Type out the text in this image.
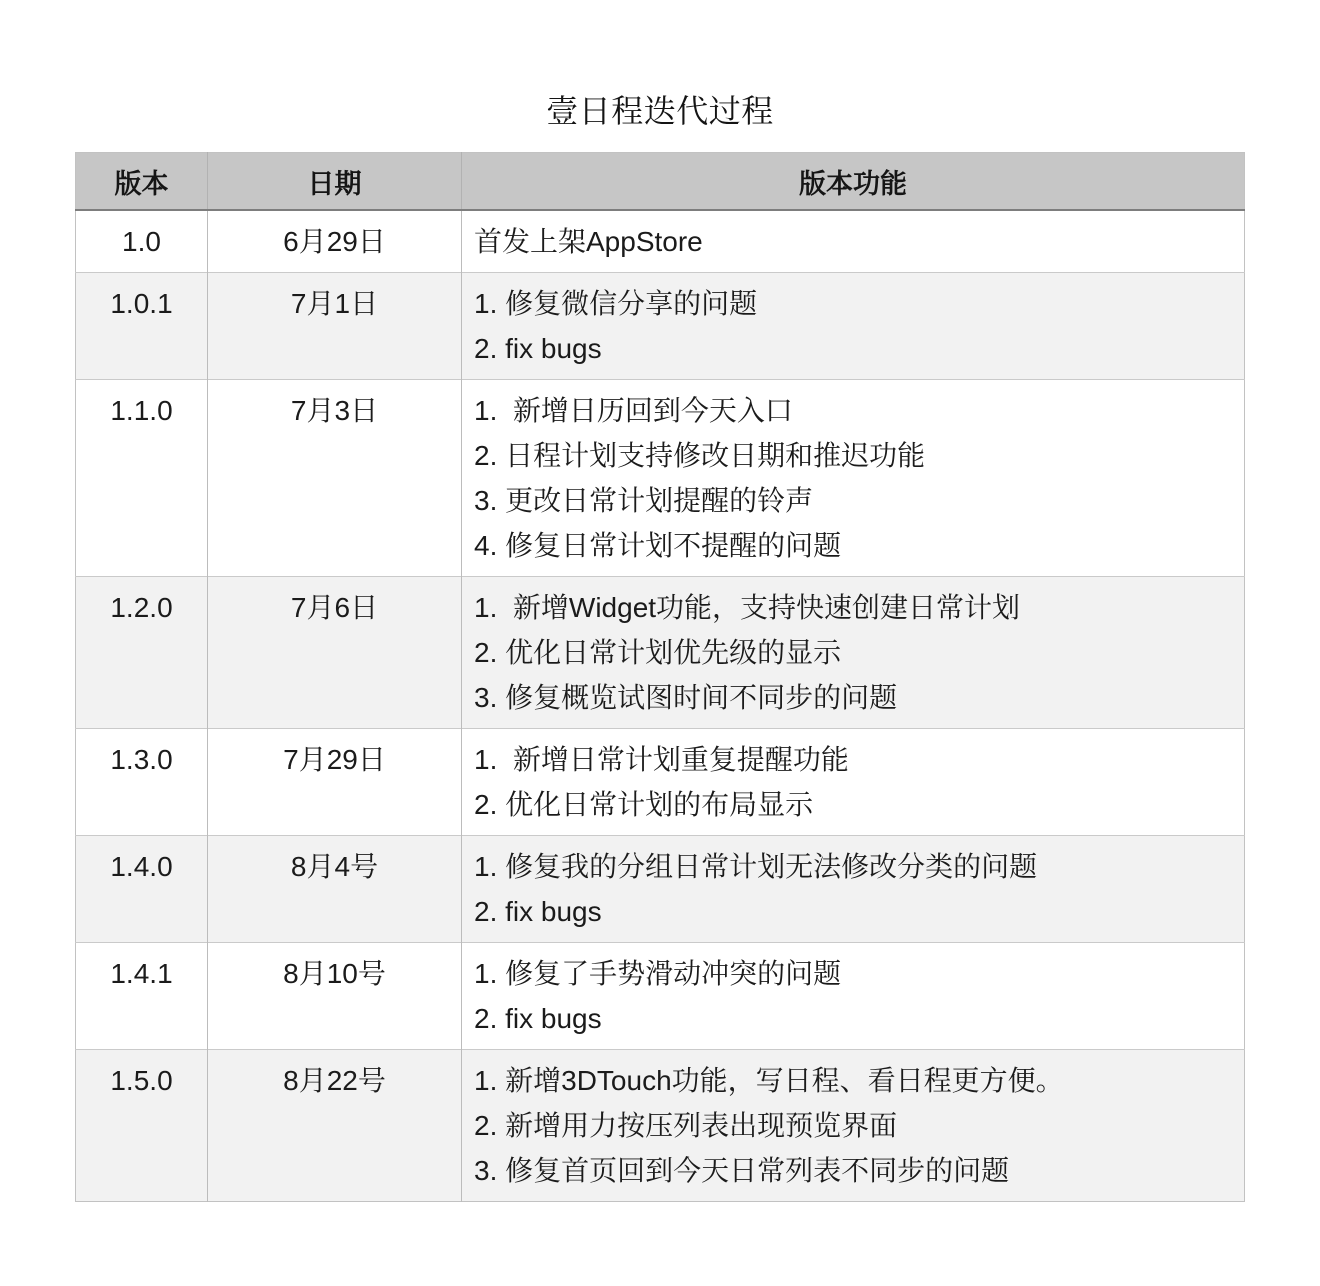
壹日程迭代过程
版本	日期	版本功能
1.0	6月29日	首发上架AppStore

1.0.1	7月1日	1. 修复微信分享的问题
2. fix bugs

1.1.0	7月3日	1.  新增日历回到今天入口
2. 日程计划支持修改日期和推迟功能
3. 更改日常计划提醒的铃声
4. 修复日常计划不提醒的问题

1.2.0	7月6日	1.  新增Widget功能，支持快速创建日常计划
2. 优化日常计划优先级的显示
3. 修复概览试图时间不同步的问题

1.3.0	7月29日	1.  新增日常计划重复提醒功能
2. 优化日常计划的布局显示

1.4.0	8月4号	1. 修复我的分组日常计划无法修改分类的问题
2. fix bugs

1.4.1	8月10号	1. 修复了手势滑动冲突的问题
2. fix bugs

1.5.0	8月22号	1. 新增3DTouch功能，写日程、看日程更方便。
2. 新增用力按压列表出现预览界面
3. 修复首页回到今天日常列表不同步的问题
